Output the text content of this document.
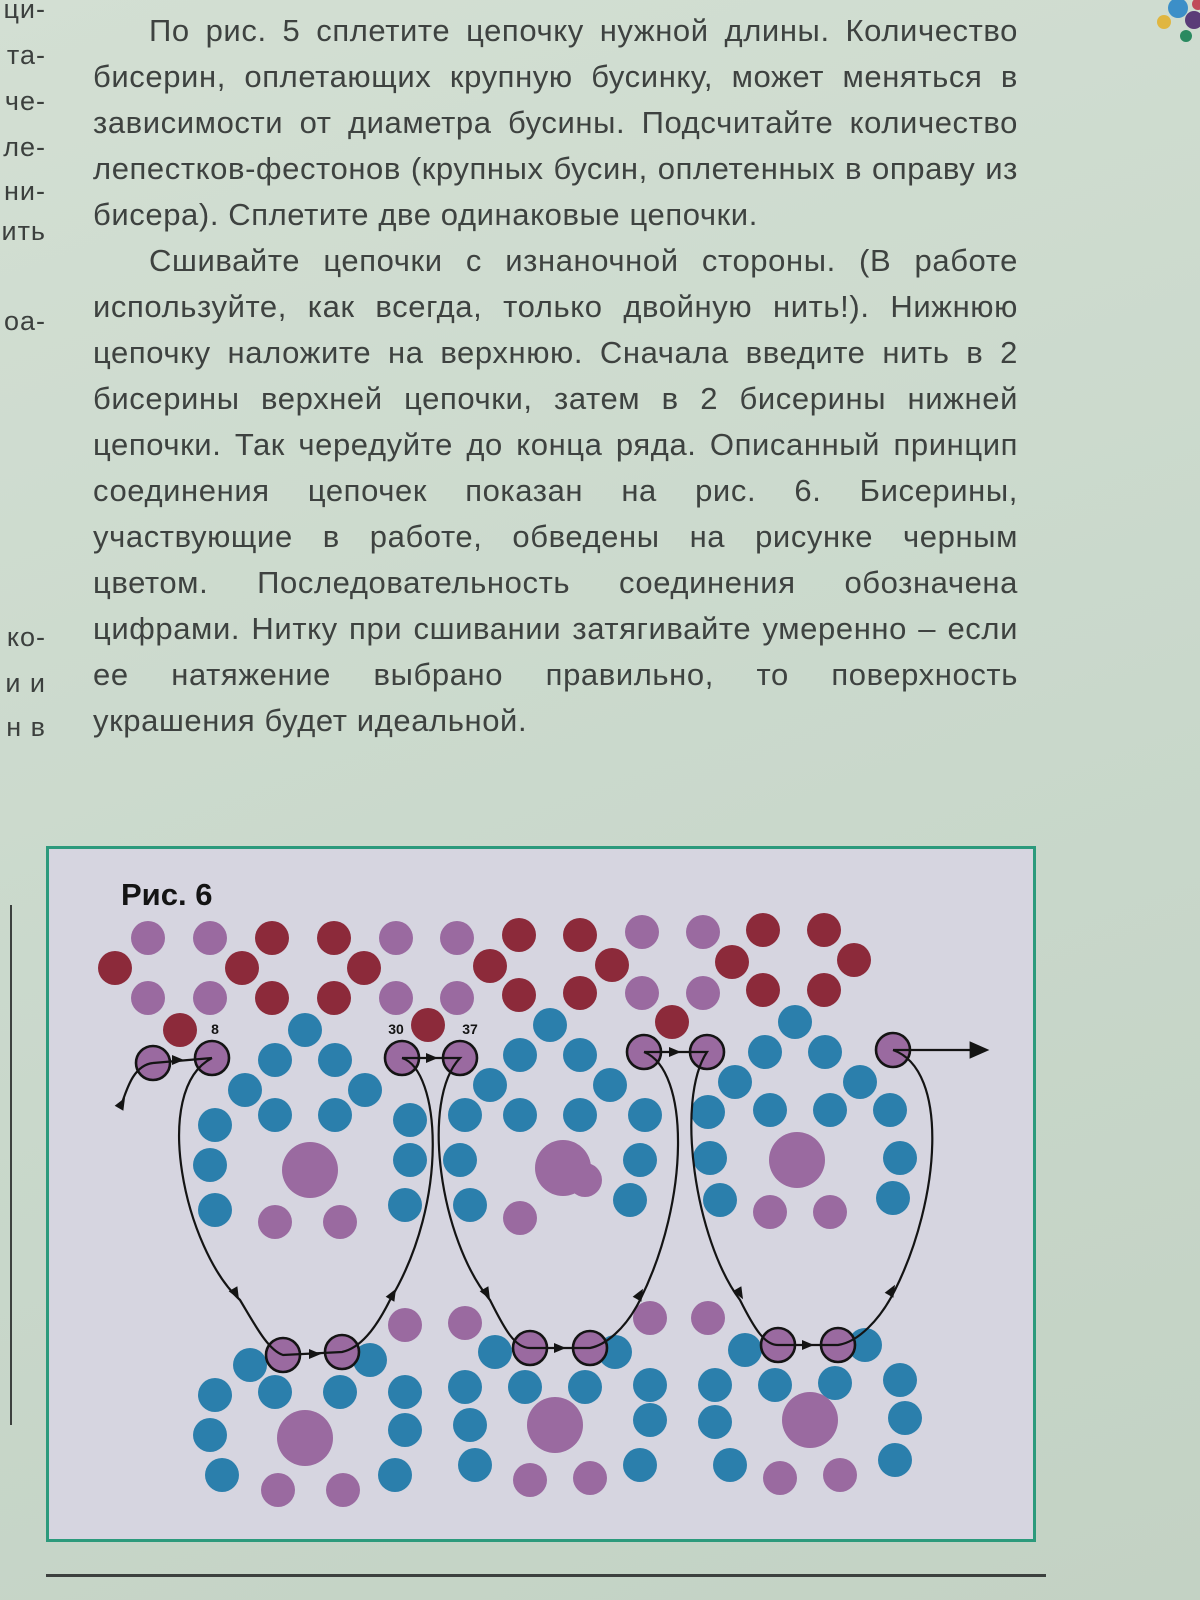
ци-
та-
че-
ле-
ни-
ить
оа-
ко-
и и
н в

По рис. 5 сплетите цепочку нужной длины. Количество бисерин, оплетающих крупную бусинку, может меняться в зависимости от диаметра бусины. Подсчитайте количество лепестков-фестонов (крупных бусин, оплетенных в оправу из бисера). Сплетите две одинаковые цепочки.

Сшивайте цепочки с изнаночной стороны. (В работе используйте, как всегда, только двойную нить!). Нижнюю цепочку наложите на верхнюю. Сначала введите нить в 2 бисерины верхней цепочки, затем в 2 бисерины нижней цепочки. Так чередуйте до конца ряда. Описанный принцип соединения цепочек показан на рис. 6. Бисерины, участвующие в работе, обведены на рисунке черным цветом. Последовательность соединения обозначена цифрами. Нитку при сшивании затягивайте умеренно – если ее натяжение выбрано правильно, то поверхность украшения будет идеальной.

Рис. 6
8	30	37
